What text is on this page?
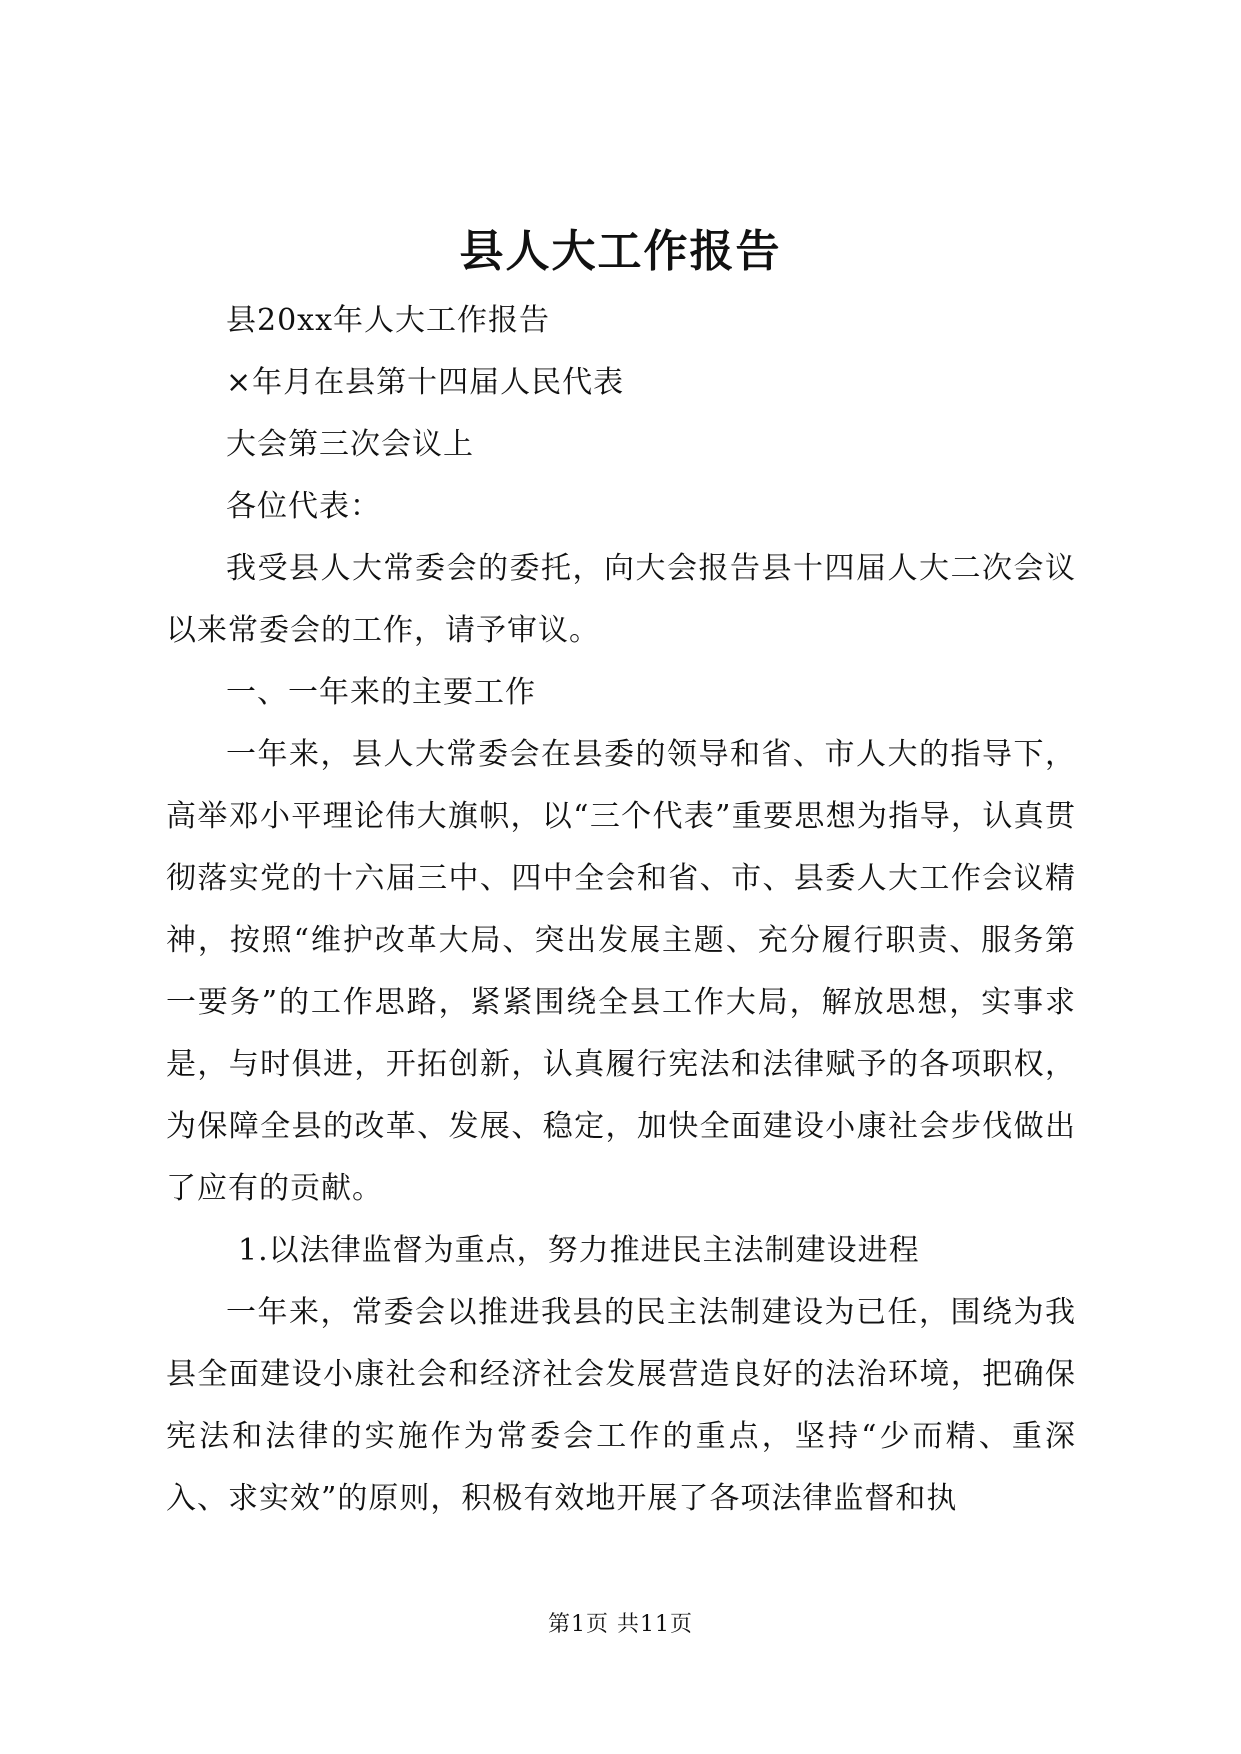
县人大工作报告

县20xx年人大工作报告

×年月在县第十四届人民代表

大会第三次会议上

各位代表：

我受县人大常委会的委托，向大会报告县十四届人大二次会议以来常委会的工作，请予审议。

一、一年来的主要工作

一年来，县人大常委会在县委的领导和省、市人大的指导下，高举邓小平理论伟大旗帜，以“三个代表”重要思想为指导，认真贯彻落实党的十六届三中、四中全会和省、市、县委人大工作会议精神，按照“维护改革大局、突出发展主题、充分履行职责、服务第一要务”的工作思路，紧紧围绕全县工作大局，解放思想，实事求是，与时俱进，开拓创新，认真履行宪法和法律赋予的各项职权，为保障全县的改革、发展、稳定，加快全面建设小康社会步伐做出了应有的贡献。

1.以法律监督为重点，努力推进民主法制建设进程

一年来，常委会以推进我县的民主法制建设为已任，围绕为我县全面建设小康社会和经济社会发展营造良好的法治环境，把确保宪法和法律的实施作为常委会工作的重点，坚持“少而精、重深入、求实效”的原则，积极有效地开展了各项法律监督和执

第1页 共11页
